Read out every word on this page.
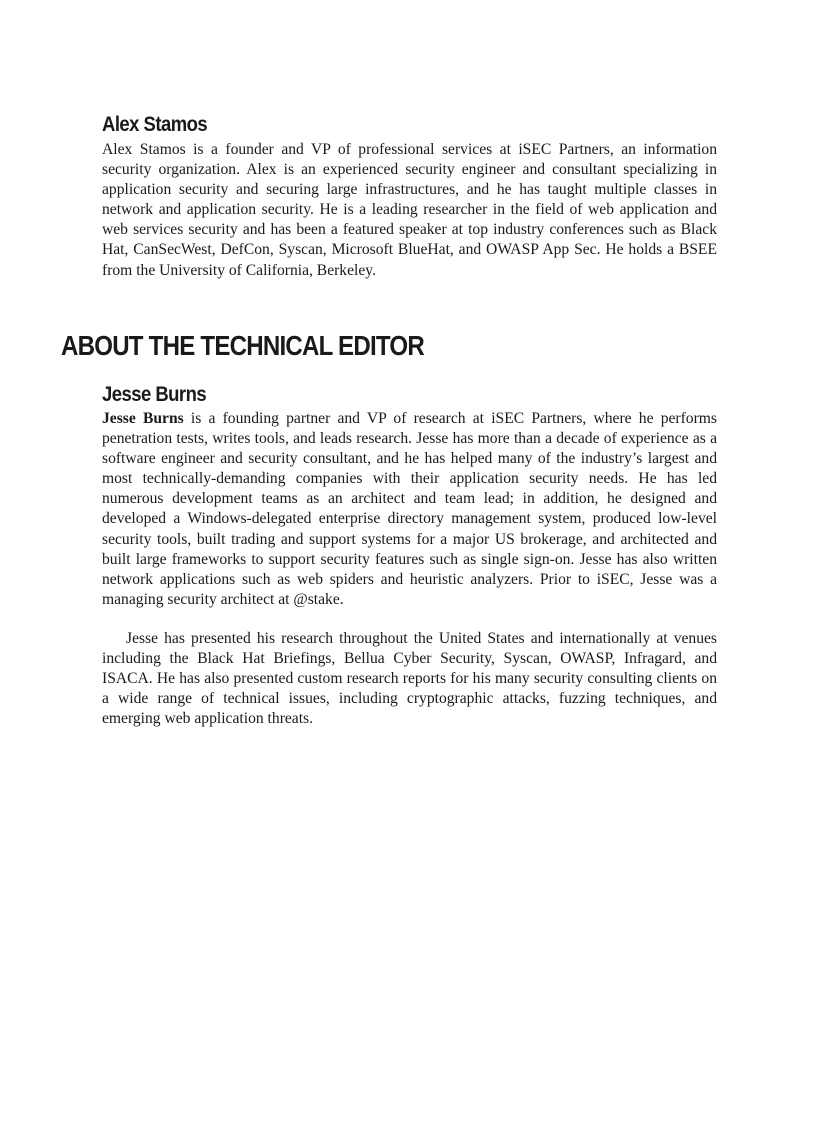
Alex Stamos

Alex Stamos is a founder and VP of professional services at iSEC Partners, an information security organization. Alex is an experienced security engineer and consultant specializing in application security and securing large infrastructures, and he has taught multiple classes in network and application security. He is a leading researcher in the field of web application and web services security and has been a featured speaker at top industry conferences such as Black Hat, CanSecWest, DefCon, Syscan, Microsoft BlueHat, and OWASP App Sec. He holds a BSEE from the University of California, Berkeley.

ABOUT THE TECHNICAL EDITOR
Jesse Burns

Jesse Burns is a founding partner and VP of research at iSEC Partners, where he performs penetration tests, writes tools, and leads research. Jesse has more than a decade of experience as a software engineer and security consultant, and he has helped many of the industry’s largest and most technically-demanding companies with their application security needs. He has led numerous development teams as an architect and team lead; in addition, he designed and developed a Windows-delegated enterprise directory management system, produced low-level security tools, built trading and support systems for a major US brokerage, and architected and built large frameworks to support security features such as single sign-on. Jesse has also written network applications such as web spiders and heuristic analyzers. Prior to iSEC, Jesse was a managing security architect at @stake.

Jesse has presented his research throughout the United States and internationally at venues including the Black Hat Briefings, Bellua Cyber Security, Syscan, OWASP, Infragard, and ISACA. He has also presented custom research reports for his many security consulting clients on a wide range of technical issues, including cryptographic attacks, fuzzing techniques, and emerging web application threats.
